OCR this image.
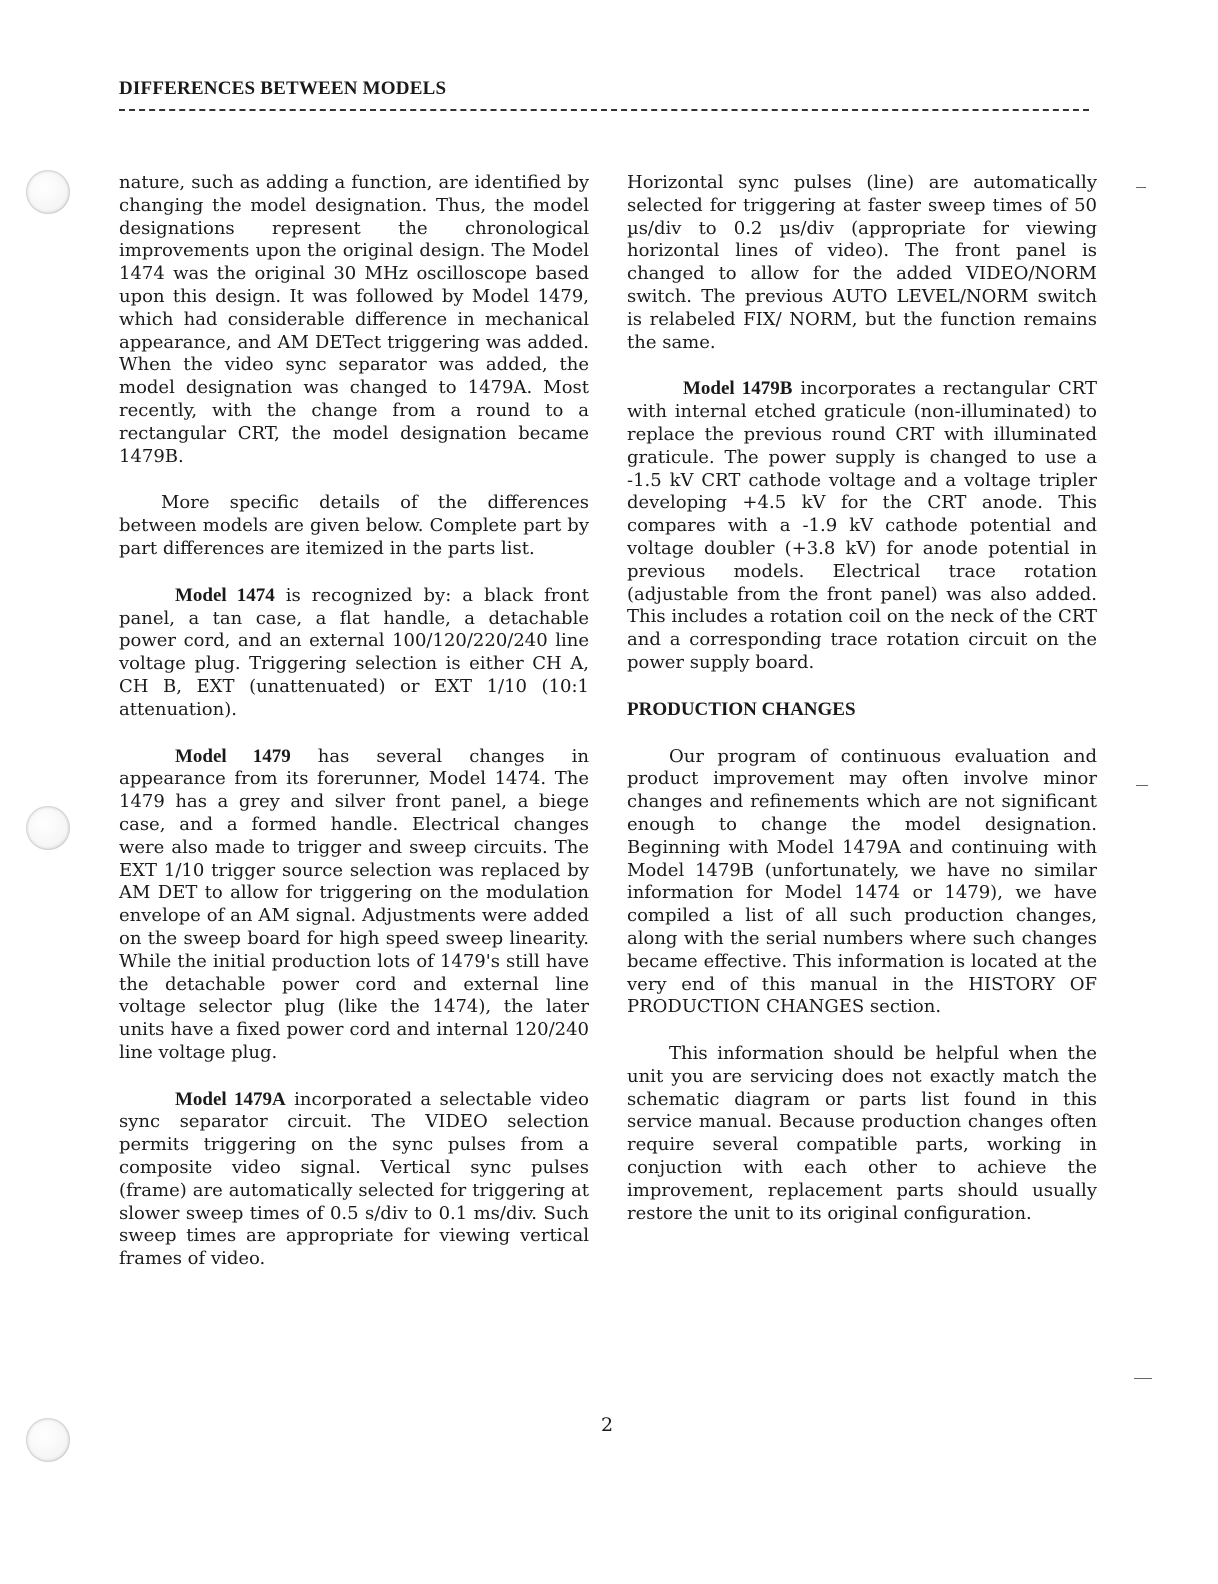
DIFFERENCES BETWEEN MODELS

nature, such as adding a function, are identified by changing the model designation. Thus, the model designations represent the chronological improvements upon the original design. The Model 1474 was the original 30 MHz oscilloscope based upon this design. It was followed by Model 1479, which had considerable difference in mechanical appearance, and AM DETect triggering was added. When the video sync separator was added, the model designation was changed to 1479A. Most recently, with the change from a round to a rectangular CRT, the model designation became 1479B.

More specific details of the differences between models are given below. Complete part by part differences are itemized in the parts list.

Model 1474 is recognized by: a black front panel, a tan case, a flat handle, a detachable power cord, and an external 100/120/220/240 line voltage plug. Triggering selection is either CH A, CH B, EXT (unattenuated) or EXT 1/10 (10:1 attenuation).

Model 1479 has several changes in appearance from its forerunner, Model 1474. The 1479 has a grey and silver front panel, a biege case, and a formed handle. Electrical changes were also made to trigger and sweep circuits. The EXT 1/10 trigger source selection was replaced by AM DET to allow for triggering on the modulation envelope of an AM signal. Adjustments were added on the sweep board for high speed sweep linearity. While the initial production lots of 1479's still have the detachable power cord and external line voltage selector plug (like the 1474), the later units have a fixed power cord and internal 120/240 line voltage plug.

Model 1479A incorporated a selectable video sync separator circuit. The VIDEO selection permits triggering on the sync pulses from a composite video signal. Vertical sync pulses (frame) are automatically selected for triggering at slower sweep times of 0.5 s/div to 0.1 ms/div. Such sweep times are appropriate for viewing vertical frames of video.

Horizontal sync pulses (line) are automatically selected for triggering at faster sweep times of 50 µs/div to 0.2 µs/div (appropriate for viewing horizontal lines of video). The front panel is changed to allow for the added VIDEO/NORM switch. The previous AUTO LEVEL/NORM switch is relabeled FIX/ NORM, but the function remains the same.

Model 1479B incorporates a rectangular CRT with internal etched graticule (non-illuminated) to replace the previous round CRT with illuminated graticule. The power supply is changed to use a -1.5 kV CRT cathode voltage and a voltage tripler developing +4.5 kV for the CRT anode. This compares with a -1.9 kV cathode potential and voltage doubler (+3.8 kV) for anode potential in previous models. Electrical trace rotation (adjustable from the front panel) was also added. This includes a rotation coil on the neck of the CRT and a corresponding trace rotation circuit on the power supply board.

PRODUCTION CHANGES

Our program of continuous evaluation and product improvement may often involve minor changes and refinements which are not significant enough to change the model designation. Beginning with Model 1479A and continuing with Model 1479B (unfortunately, we have no similar information for Model 1474 or 1479), we have compiled a list of all such production changes, along with the serial numbers where such changes became effective. This information is located at the very end of this manual in the HISTORY OF PRODUCTION CHANGES section.

This information should be helpful when the unit you are servicing does not exactly match the schematic diagram or parts list found in this service manual. Because production changes often require several compatible parts, working in conjuction with each other to achieve the improvement, replacement parts should usually restore the unit to its original configuration.

2
